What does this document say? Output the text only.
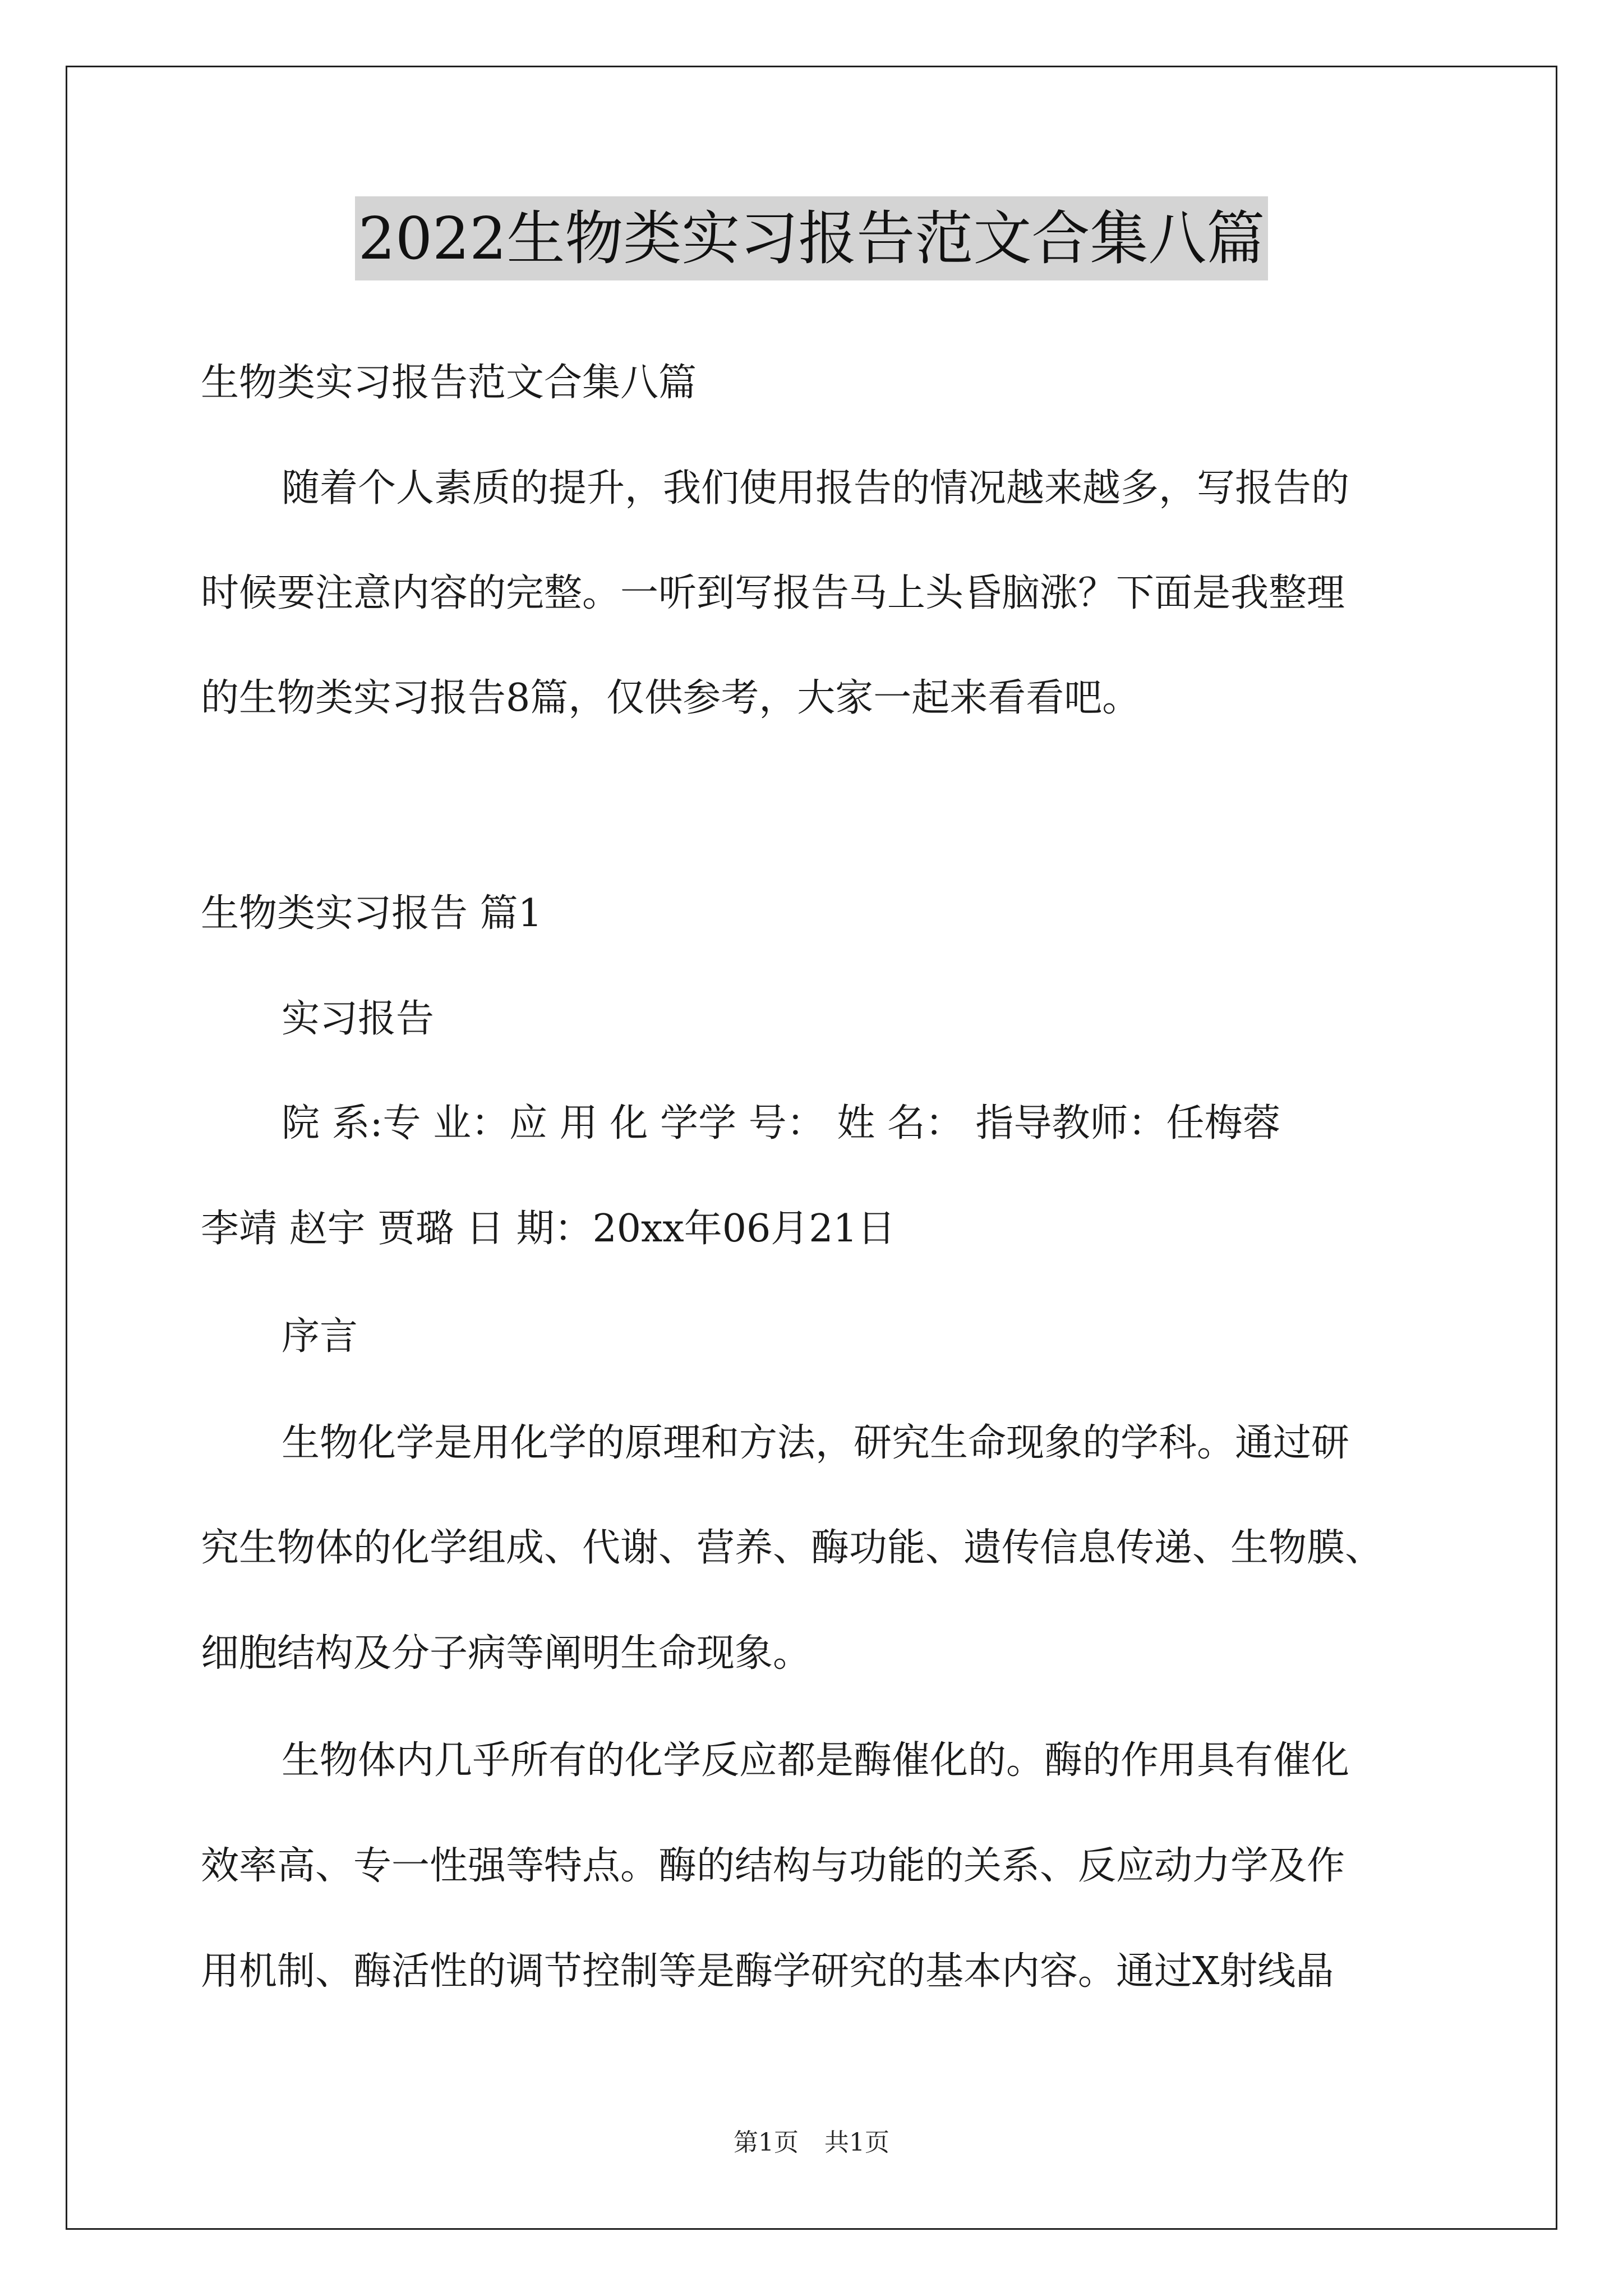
2022生物类实习报告范文合集八篇
生物类实习报告范文合集八篇
随着个人素质的提升，我们使用报告的情况越来越多，写报告的
时候要注意内容的完整。一听到写报告马上头昏脑涨？下面是我整理
的生物类实习报告8篇，仅供参考，大家一起来看看吧。
生物类实习报告 篇1
实习报告
院 系:专 业：应 用 化 学学 号： 姓 名： 指导教师：任梅蓉
李靖 赵宇 贾璐 日 期：20xx年06月21日
序言
生物化学是用化学的原理和方法，研究生命现象的学科。通过研
究生物体的化学组成、代谢、营养、酶功能、遗传信息传递、生物膜、
细胞结构及分子病等阐明生命现象。
生物体内几乎所有的化学反应都是酶催化的。酶的作用具有催化
效率高、专一性强等特点。酶的结构与功能的关系、反应动力学及作
用机制、酶活性的调节控制等是酶学研究的基本内容。通过X射线晶
第1页 共1页
